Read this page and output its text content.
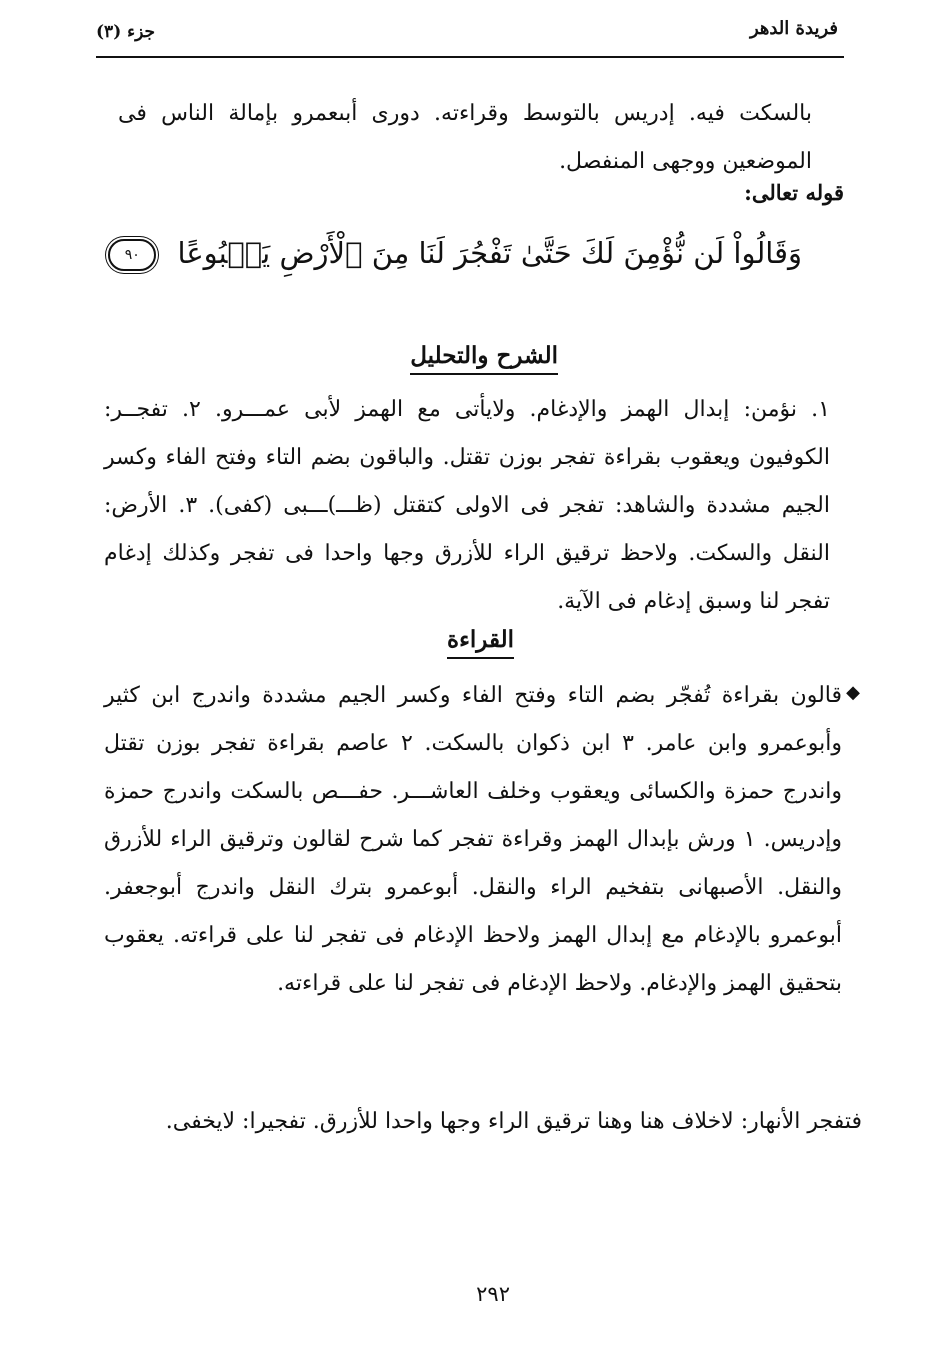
فريدة الدهر
جزء (٣)
بالسكت فيه. إدريس بالتوسط وقراءته. دورى أبىعمرو بإمالة الناس فى الموضعين ووجهى المنفصل.
قوله تعالى:
وَقَالُواْ لَن نُّؤْمِنَ لَكَ حَتَّىٰ تَفْجُرَ لَنَا مِنَ ٱلْأَرْضِ يَنۢبُوعًا ٩٠
الشرح والتحليل
١. نؤمن: إبدال الهمز والإدغام. ولايأتى مع الهمز لأبى عمـــرو. ٢. تفجــر: الكوفيون ويعقوب بقراءة تفجر بوزن تقتل. والباقون بضم التاء وفتح الفاء وكسر الجيم مشددة والشاهد: تفجر فى الاولى كتقتل (ظـــ)ـــبى (كفى). ٣. الأرض: النقل والسكت. ولاحظ ترقيق الراء للأزرق وجها واحدا فى تفجر وكذلك إدغام تفجر لنا وسبق إدغام فى الآية.
القراءة
◆
قالون بقراءة تُفجّر بضم التاء وفتح الفاء وكسر الجيم مشددة واندرج ابن كثير وأبوعمرو وابن عامر. ٣ ابن ذكوان بالسكت. ٢ عاصم بقراءة تفجر بوزن تقتل واندرج حمزة والكسائى ويعقوب وخلف العاشـــر. حفـــص بالسكت واندرج حمزة وإدريس. ١ ورش بإبدال الهمز وقراءة تفجر كما شرح لقالون وترقيق الراء للأزرق والنقل. الأصبهانى بتفخيم الراء والنقل. أبوعمرو بترك النقل واندرج أبوجعفر. أبوعمرو بالإدغام مع إبدال الهمز ولاحظ الإدغام فى تفجر لنا على قراءته. يعقوب بتحقيق الهمز والإدغام. ولاحظ الإدغام فى تفجر لنا على قراءته.
فتفجر الأنهار: لاخلاف هنا وهنا ترقيق الراء وجها واحدا للأزرق. تفجيرا: لايخفى.
٢٩٢
